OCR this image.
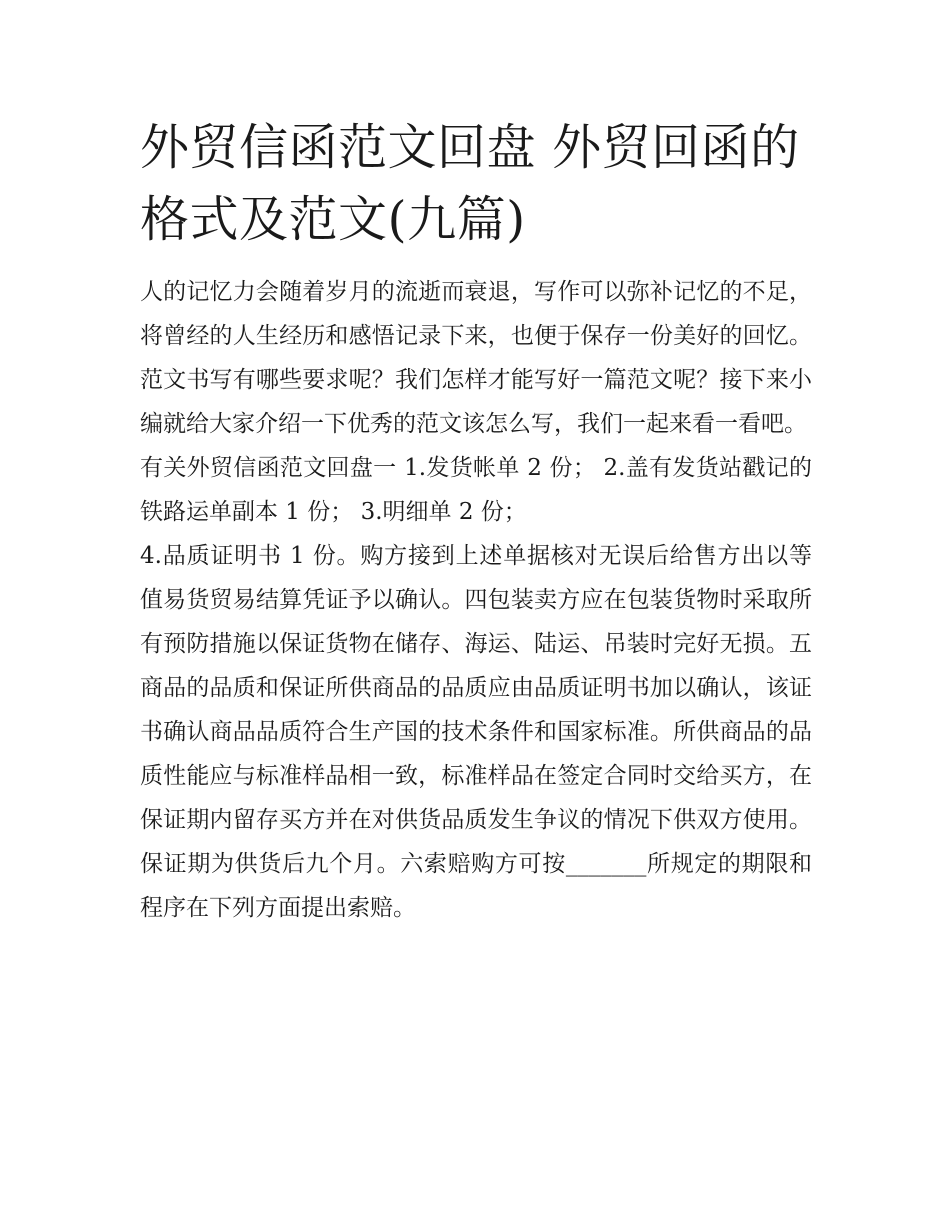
外贸信函范文回盘 外贸回函的格式及范文(九篇)

人的记忆力会随着岁月的流逝而衰退，写作可以弥补记忆的不足，将曾经的人生经历和感悟记录下来，也便于保存一份美好的回忆。范文书写有哪些要求呢？我们怎样才能写好一篇范文呢？接下来小编就给大家介绍一下优秀的范文该怎么写，我们一起来看一看吧。

有关外贸信函范文回盘一 1.发货帐单 2 份； 2.盖有发货站戳记的铁路运单副本 1 份； 3.明细单 2 份；

4.品质证明书 1 份。购方接到上述单据核对无误后给售方出以等值易货贸易结算凭证予以确认。四包装卖方应在包装货物时采取所有预防措施以保证货物在储存、海运、陆运、吊装时完好无损。五商品的品质和保证所供商品的品质应由品质证明书加以确认，该证书确认商品品质符合生产国的技术条件和国家标准。所供商品的品质性能应与标准样品相一致，标准样品在签定合同时交给买方，在保证期内留存买方并在对供货品质发生争议的情况下供双方使用。保证期为供货后九个月。六索赔购方可按_______所规定的期限和程序在下列方面提出索赔。
